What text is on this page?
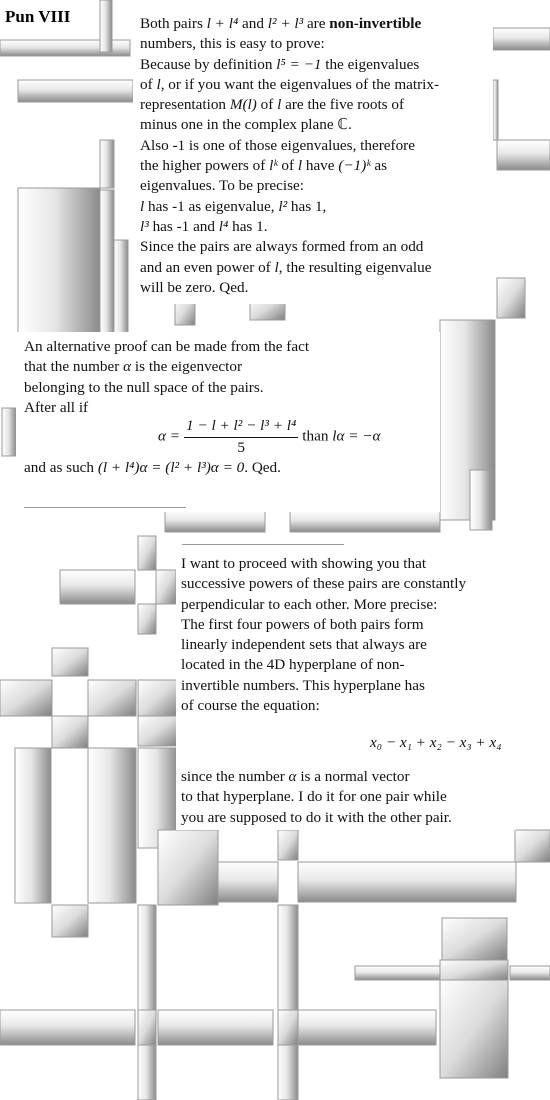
Pun VIII	Both pairs l + l⁴ and l² + l³ are non-invertible

numbers, this is easy to prove:

Because by definition l⁵ = −1 the eigenvalues

of l, or if you want the eigenvalues of the matrix-

representation M(l) of l are the five roots of

minus one in the complex plane ℂ.

Also -1 is one of those eigenvalues, therefore

the higher powers of lᵏ of l have (−1)ᵏ as

eigenvalues. To be precise:

l has -1 as eigenvalue, l² has 1,

l³ has -1 and l⁴ has 1.

Since the pairs are always formed from an odd

and an even power of l, the resulting eigenvalue

will be zero. Qed.

An alternative proof can be made from the fact

that the number α is the eigenvector

belonging to the null space of the pairs.

After all if

$\alpha = \frac{\text{1 − l + l² − l³ + l⁴}}{5}$ than lα = −α
and as such (l + l⁴)α = (l² + l³)α = 0. Qed.

I want to proceed with showing you that

successive powers of these pairs are constantly

perpendicular to each other. More precise:

The first four powers of both pairs form

linearly independent sets that always are

located in the 4D hyperplane of non-

invertible numbers. This hyperplane has

of course the equation:

x₀ − x₁ + x₂ − x₃ + x₄

since the number α is a normal vector

to that hyperplane. I do it for one pair while

you are supposed to do it with the other pair.
